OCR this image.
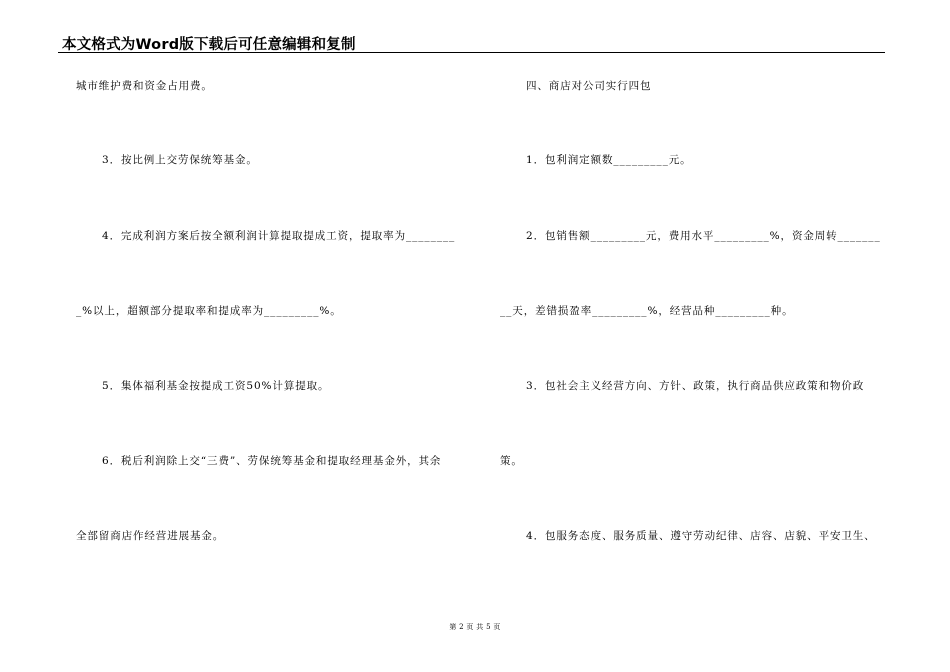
本文格式为Word版下载后可任意编辑和复制
城市维护费和资金占用费。
3．按比例上交劳保统筹基金。
4．完成利润方案后按全额利润计算提取提成工资，提取率为________
_%以上，超额部分提取率和提成率为_________%。
5．集体福利基金按提成工资50%计算提取。
6．税后利润除上交“三费”、劳保统筹基金和提取经理基金外，其余
全部留商店作经营进展基金。
四、商店对公司实行四包
1．包利润定额数_________元。
2．包销售额_________元，费用水平_________%，资金周转_______
__天，差错损盈率_________%，经营品种_________种。
3．包社会主义经营方向、方针、政策，执行商品供应政策和物价政
策。
4．包服务态度、服务质量、遵守劳动纪律、店容、店貌、平安卫生、
第 2 页 共 5 页
